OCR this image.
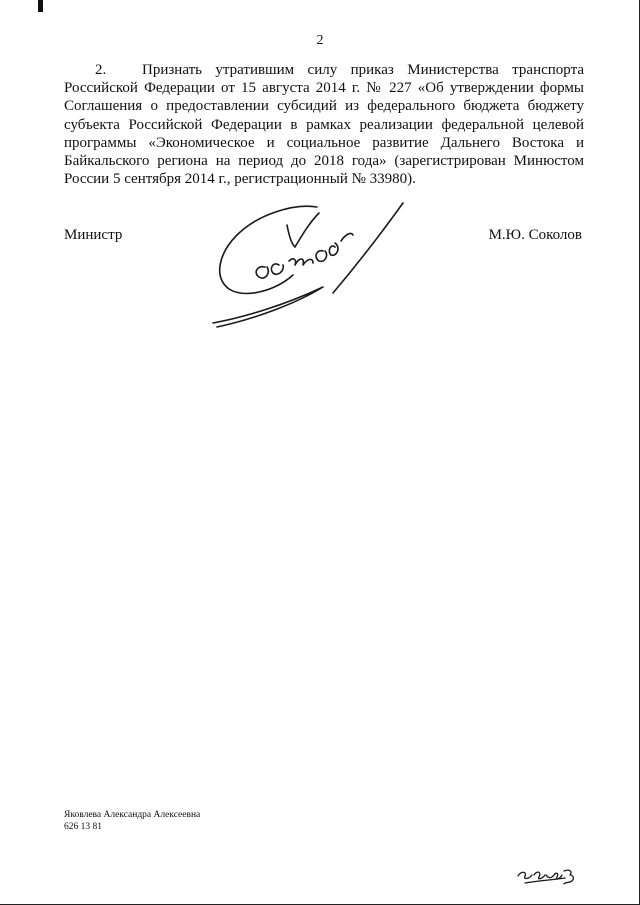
2
2. Признать утратившим силу приказ Министерства транспорта
Российской Федерации от 15 августа 2014 г. № 227 «Об утверждении формы
Соглашения о предоставлении субсидий из федерального бюджета бюджету
субъекта Российской Федерации в рамках реализации федеральной целевой
программы «Экономическое и социальное развитие Дальнего Востока и
Байкальского региона на период до 2018 года» (зарегистрирован Минюстом
России 5 сентября 2014 г., регистрационный № 33980).
Министр	М.Ю. Соколов
Яковлева Александра Алексеевна
626 13 81
